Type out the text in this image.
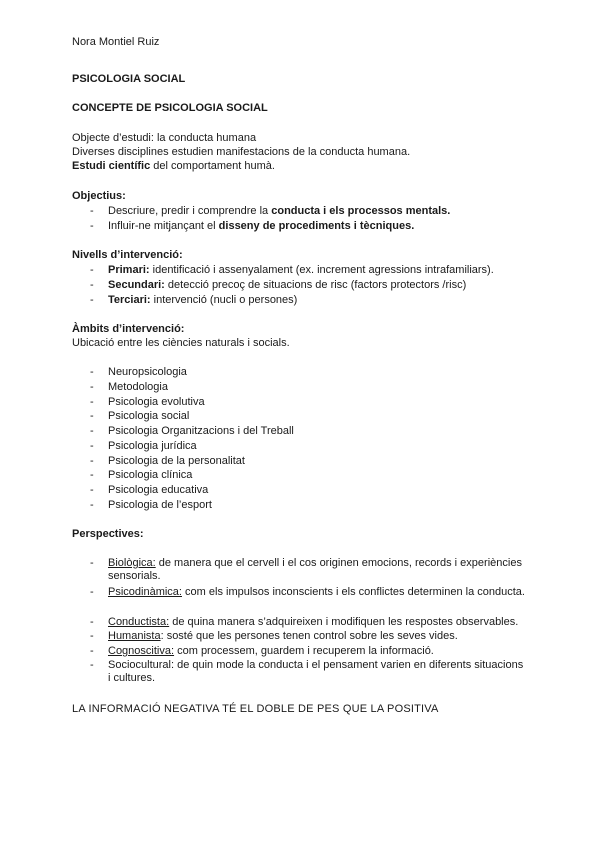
Nora Montiel Ruiz
PSICOLOGIA SOCIAL
CONCEPTE DE PSICOLOGIA SOCIAL
Objecte d’estudi: la conducta humana
Diverses disciplines estudien manifestacions de la conducta humana.
Estudi científic del comportament humà.
Objectius:
- Descriure, predir i comprendre la conducta i els processos mentals.
- Influir-ne mitjançant el disseny de procediments i tècniques.
Nivells d’intervenció:
- Primari: identificació i assenyalament (ex. increment agressions intrafamiliars).
- Secundari: detecció precoç de situacions de risc (factors protectors /risc)
- Terciari: intervenció (nucli o persones)
Àmbits d’intervenció:
Ubicació entre les ciències naturals i socials.
- Neuropsicologia
- Metodologia
- Psicologia evolutiva
- Psicologia social
- Psicologia Organitzacions i del Treball
- Psicologia jurídica
- Psicologia de la personalitat
- Psicologia clínica
- Psicologia educativa
- Psicologia de l’esport
Perspectives:
- Biològica: de manera que el cervell i el cos originen emocions, records i experiències sensorials.
- Psicodinàmica: com els impulsos inconscients i els conflictes determinen la conducta.
- Conductista: de quina manera s’adquireixen i modifiquen les respostes observables.
- Humanista: sosté que les persones tenen control sobre les seves vides.
- Cognoscitiva: com processem, guardem i recuperem la informació.
- Sociocultural: de quin mode la conducta i el pensament varien en diferents situacions i cultures.
LA INFORMACIÓ NEGATIVA TÉ EL DOBLE DE PES QUE LA POSITIVA
